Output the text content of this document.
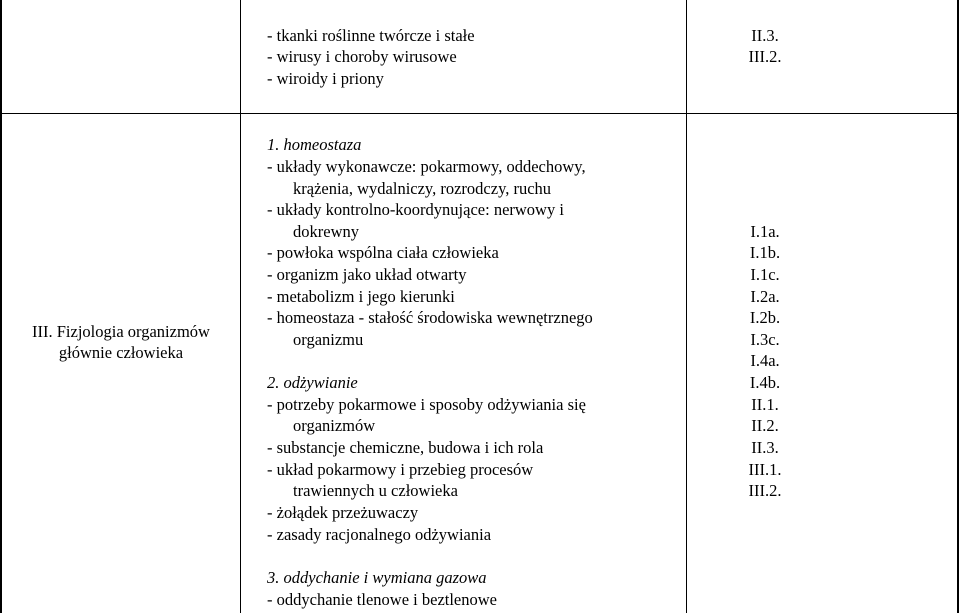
- tkanki roślinne twórcze i stałe
- wirusy i choroby wirusowe
- wiroidy i priony
II.3.
III.2.
III. Fizjologia organizmów
głównie człowieka
1. homeostaza
- układy wykonawcze: pokarmowy, oddechowy,
krążenia, wydalniczy, rozrodczy, ruchu
- układy kontrolno-koordynujące: nerwowy i
dokrewny
- powłoka wspólna ciała człowieka
- organizm jako układ otwarty
- metabolizm i jego kierunki
- homeostaza - stałość środowiska wewnętrznego
organizmu
2. odżywianie
- potrzeby pokarmowe i sposoby odżywiania się
organizmów
- substancje chemiczne, budowa i ich rola
- układ pokarmowy i przebieg procesów
trawiennych u człowieka
- żołądek przeżuwaczy
- zasady racjonalnego odżywiania
3. oddychanie i wymiana gazowa
- oddychanie tlenowe i beztlenowe
I.1a.
I.1b.
I.1c.
I.2a.
I.2b.
I.3c.
I.4a.
I.4b.
II.1.
II.2.
II.3.
III.1.
III.2.
